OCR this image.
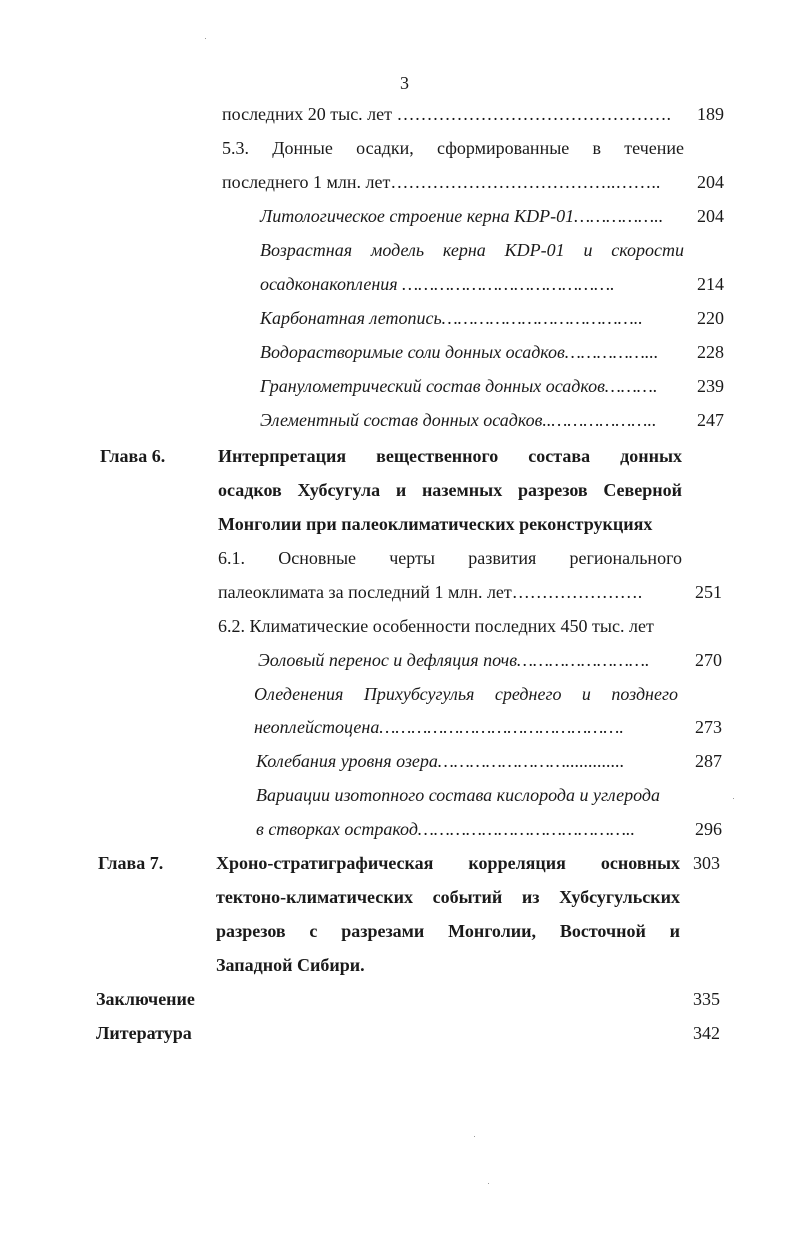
3
последних 20 тыс. лет ……………………………………….	189
5.3. Донные осадки, сформированные в течение
последнего 1 млн. лет………………………………..……..	204
Литологическое строение керна KDP-01……………..	204
Возрастная модель керна KDP-01 и скорости
осадконакопления ………………………………….	214
Карбонатная летопись………………………………..	220
Водорастворимые соли донных осадков……………...	228
Гранулометрический состав донных осадков……….	239
Элементный состав донных осадков..………………..	247
Глава 6.	Интерпретация вещественного состава донных
осадков Хубсугула и наземных разрезов Северной
Монголии при палеоклиматических реконструкциях
6.1. Основные черты развития регионального
палеоклимата за последний 1 млн. лет………………….	251
6.2. Климатические особенности последних 450 тыс. лет
Эоловый перенос и дефляция почв…………………….	270
Оледенения Прихубсугулья среднего и позднего
неоплейстоцена……………………………………….	273
Колебания уровня озера…………………….............	287
Вариации изотопного состава кислорода и углерода
в створках остракод…………………………………..	296
Глава 7.	Хроно-стратиграфическая корреляция основных 303
тектоно-климатических событий из Хубсугульских
разрезов с разрезами Монголии, Восточной и
Западной Сибири.
Заключение	335
Литература	342
